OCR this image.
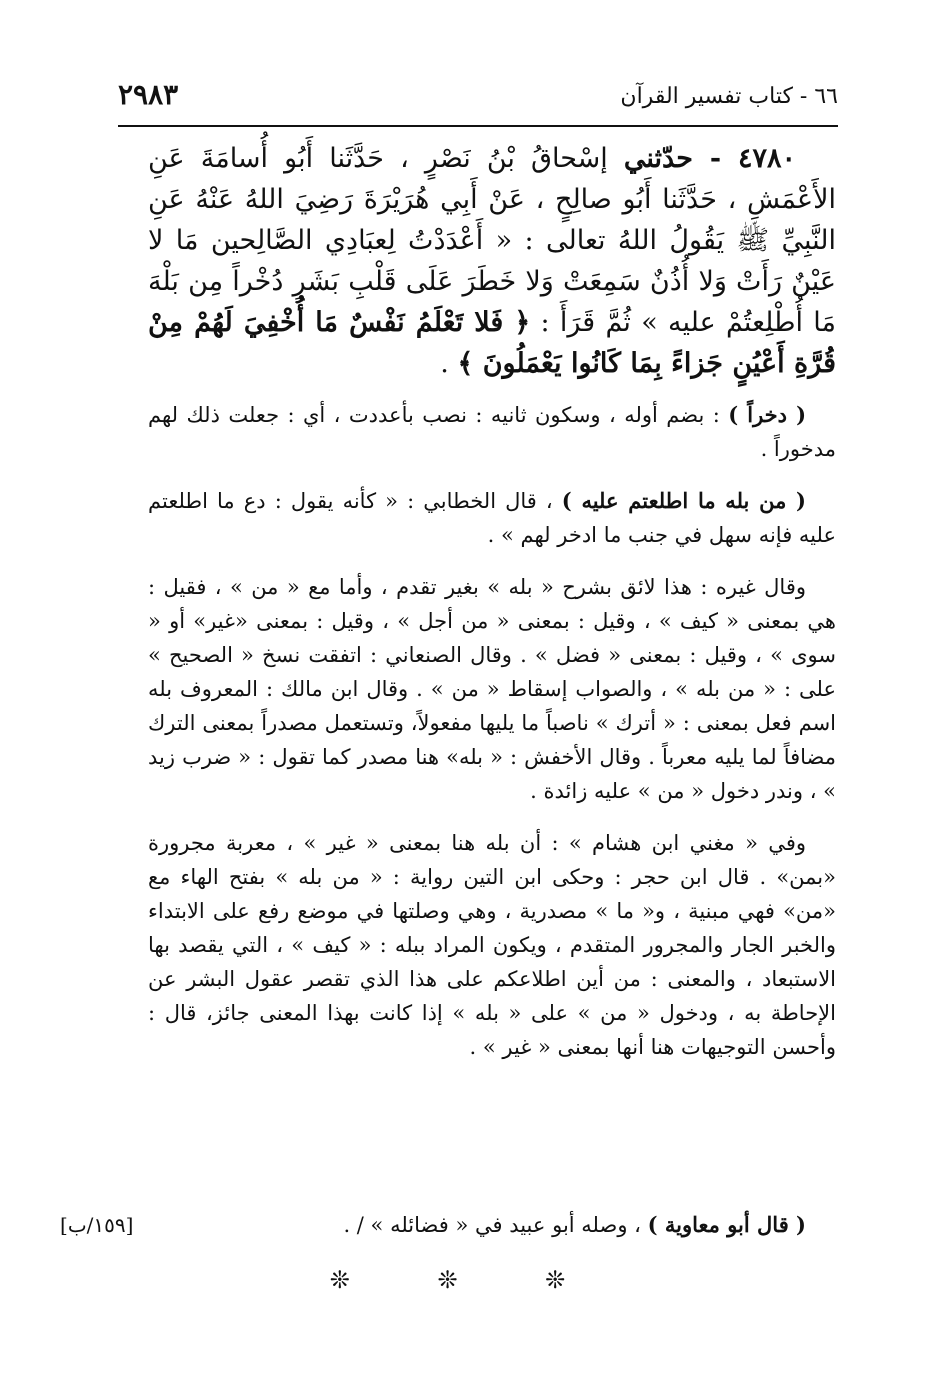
٦٦ - كتاب تفسير القرآن
٢٩٨٣

٤٧٨٠ - حدّثني إسْحاقُ بْنُ نَصْرٍ ، حَدَّثَنا أَبُو أُسامَةَ عَنِ الأَعْمَشِ ، حَدَّثَنا أَبُو صالِحٍ ، عَنْ أَبِي هُرَيْرَةَ رَضِيَ اللهُ عَنْهُ عَنِ النَّبِيِّ ﷺ يَقُولُ اللهُ تعالى : « أَعْدَدْتُ لِعبَادِي الصَّالِحين مَا لا عَيْنٌ رَأَتْ وَلا أُذُنٌ سَمِعَتْ وَلا خَطَرَ عَلَى قَلْبِ بَشَرٍ دُخْراً مِن بَلْهَ مَا أُطْلِعتُمْ عليه » ثُمَّ قَرَأَ : ﴿ فَلا تَعْلَمُ نَفْسٌ مَا أُخْفِيَ لَهُمْ مِنْ قُرَّةِ أَعْيُنٍ جَزاءً بِمَا كَانُوا يَعْمَلُونَ ﴾ .

( دخراً ) : بضم أوله ، وسكون ثانيه : نصب بأعددت ، أي : جعلت ذلك لهم مدخوراً .

( من بله ما اطلعتم عليه ) ، قال الخطابي : « كأنه يقول : دع ما اطلعتم عليه فإنه سهل في جنب ما ادخر لهم » .

وقال غيره : هذا لائق بشرح « بله » بغير تقدم ، وأما مع « من » ، فقيل : هي بمعنى « كيف » ، وقيل : بمعنى « من أجل » ، وقيل : بمعنى «غير» أو « سوى » ، وقيل : بمعنى « فضل » . وقال الصنعاني : اتفقت نسخ « الصحيح » على : « من بله » ، والصواب إسقاط « من » . وقال ابن مالك : المعروف بله اسم فعل بمعنى : « أترك » ناصباً ما يليها مفعولاً، وتستعمل مصدراً بمعنى الترك مضافاً لما يليه معرباً . وقال الأخفش : « بله» هنا مصدر كما تقول : « ضرب زيد » ، وندر دخول « من » عليه زائدة .

وفي « مغني ابن هشام » : أن بله هنا بمعنى « غير » ، معربة مجرورة «بمن» . قال ابن حجر : وحكى ابن التين رواية : « من بله » بفتح الهاء مع «من» فهي مبنية ، و« ما » مصدرية ، وهي وصلتها في موضع رفع على الابتداء والخبر الجار والمجرور المتقدم ، ويكون المراد ببله : « كيف » ، التي يقصد بها الاستبعاد ، والمعنى : من أين اطلاعكم على هذا الذي تقصر عقول البشر عن الإحاطة به ، ودخول « من » على « بله » إذا كانت بهذا المعنى جائز، قال : وأحسن التوجيهات هنا أنها بمعنى « غير » .

( قال أبو معاوية ) ، وصله أبو عبيد في « فضائله » / .
[١٥٩/ب]
❊ ❊ ❊
